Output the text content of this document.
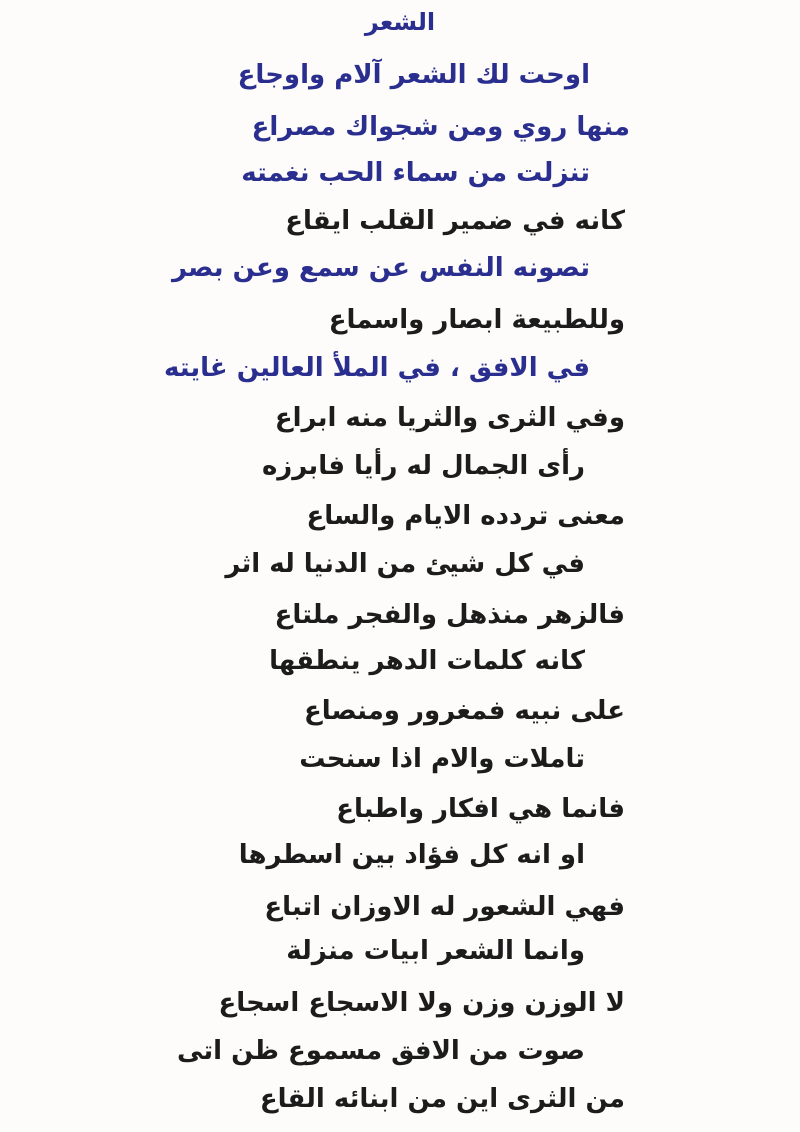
الشعر
اوحت لك الشعر آلام واوجاع
منها روي ومن شجواك مصراع
تنزلت من سماء الحب نغمته
كانه في ضمير القلب ايقاع
تصونه النفس عن سمع وعن بصر
وللطبيعة ابصار واسماع
في الافق ، في الملأ العالين غايته
وفي الثرى والثريا منه ابراع
رأى الجمال له رأيا فابرزه
معنى تردده الايام والساع
في كل شيئ من الدنيا له اثر
فالزهر منذهل والفجر ملتاع
كانه كلمات الدهر ينطقها
على نبيه فمغرور ومنصاع
تاملات والام اذا سنحت
فانما هي افكار واطباع
او انه كل فؤاد بين اسطرها
فهي الشعور له الاوزان اتباع
وانما الشعر ابيات منزلة
لا الوزن وزن ولا الاسجاع اسجاع
صوت من الافق مسموع ظن اتى
من الثرى اين من ابنائه القاع
